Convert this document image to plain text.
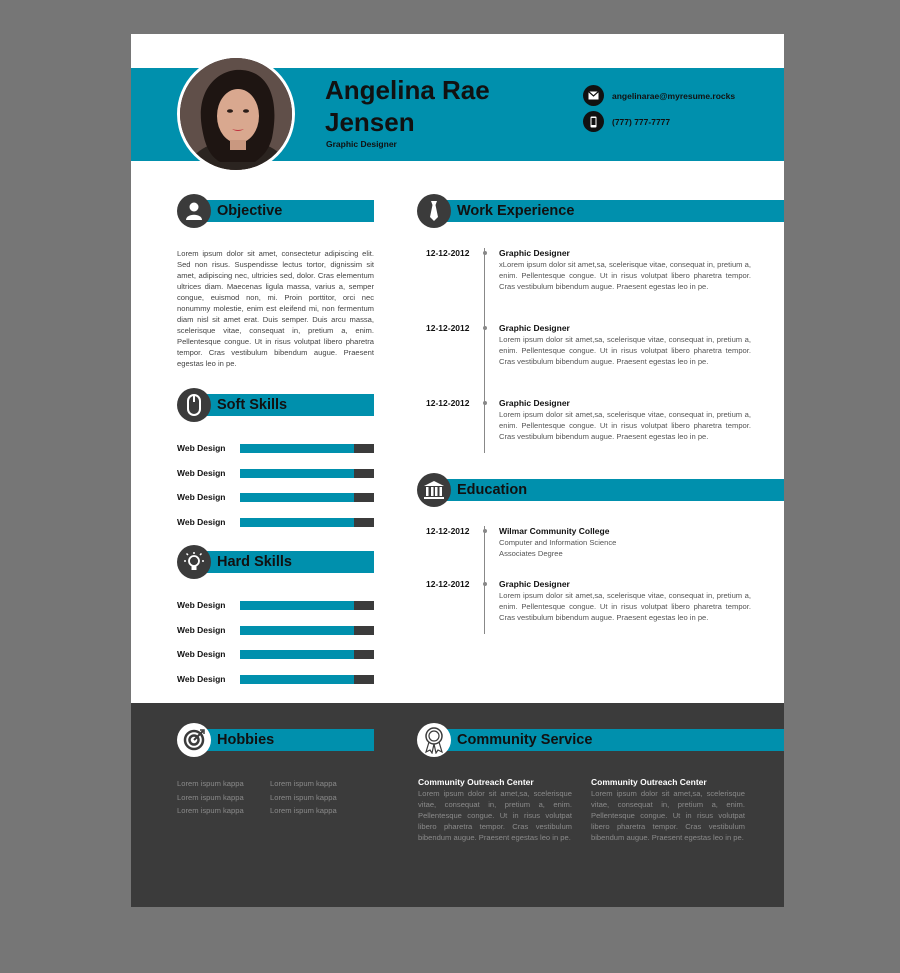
Angelina Rae
Jensen
Graphic Designer
angelinarae@myresume.rocks
(777) 777-7777
Objective
Lorem ipsum dolor sit amet, consectetur adipiscing elit. Sed non risus. Suspendisse lectus tortor, dignissim sit amet, adipiscing nec, ultricies sed, dolor. Cras elementum ultrices diam. Maecenas ligula massa, varius a, semper congue, euismod non, mi. Proin porttitor, orci nec nonummy molestie, enim est eleifend mi, non fermentum diam nisl sit amet erat. Duis semper. Duis arcu massa, scelerisque vitae, consequat in, pretium a, enim. Pellentesque congue. Ut in risus volutpat libero pharetra tempor. Cras vestibulum bibendum augue. Praesent egestas leo in pe.
Soft Skills
Web Design
Web Design
Web Design
Web Design
Hard Skills
Web Design
Web Design
Web Design
Web Design
Work Experience
12-12-2012	Graphic Designer
xLorem ipsum dolor sit amet,sa, scelerisque vitae, consequat in, pretium a, enim. Pellentesque congue. Ut in risus volutpat libero pharetra tempor. Cras vestibulum bibendum augue. Praesent egestas leo in pe.
12-12-2012	Graphic Designer
Lorem ipsum dolor sit amet,sa, scelerisque vitae, consequat in, pretium a, enim. Pellentesque congue. Ut in risus volutpat libero pharetra tempor. Cras vestibulum bibendum augue. Praesent egestas leo in pe.
12-12-2012	Graphic Designer
Lorem ipsum dolor sit amet,sa, scelerisque vitae, consequat in, pretium a, enim. Pellentesque congue. Ut in risus volutpat libero pharetra tempor. Cras vestibulum bibendum augue. Praesent egestas leo in pe.
Education
12-12-2012	Wilmar Community College
Computer and Information Science
Associates Degree
12-12-2012	Graphic Designer
Lorem ipsum dolor sit amet,sa, scelerisque vitae, consequat in, pretium a, enim. Pellentesque congue. Ut in risus volutpat libero pharetra tempor. Cras vestibulum bibendum augue. Praesent egestas leo in pe.
Hobbies
Lorem ispum kappa
Lorem ispum kappa
Lorem ispum kappa
Lorem ispum kappa
Lorem ispum kappa
Lorem ispum kappa
Community Service
Community Outreach Center
Lorem ipsum dolor sit amet,sa, scelerisque vitae, consequat in, pretium a, enim. Pellentesque congue. Ut in risus volutpat libero pharetra tempor. Cras vestibulum bibendum augue. Praesent egestas leo in pe.
Community Outreach Center
Lorem ipsum dolor sit amet,sa, scelerisque vitae, consequat in, pretium a, enim. Pellentesque congue. Ut in risus volutpat libero pharetra tempor. Cras vestibulum bibendum augue. Praesent egestas leo in pe.
